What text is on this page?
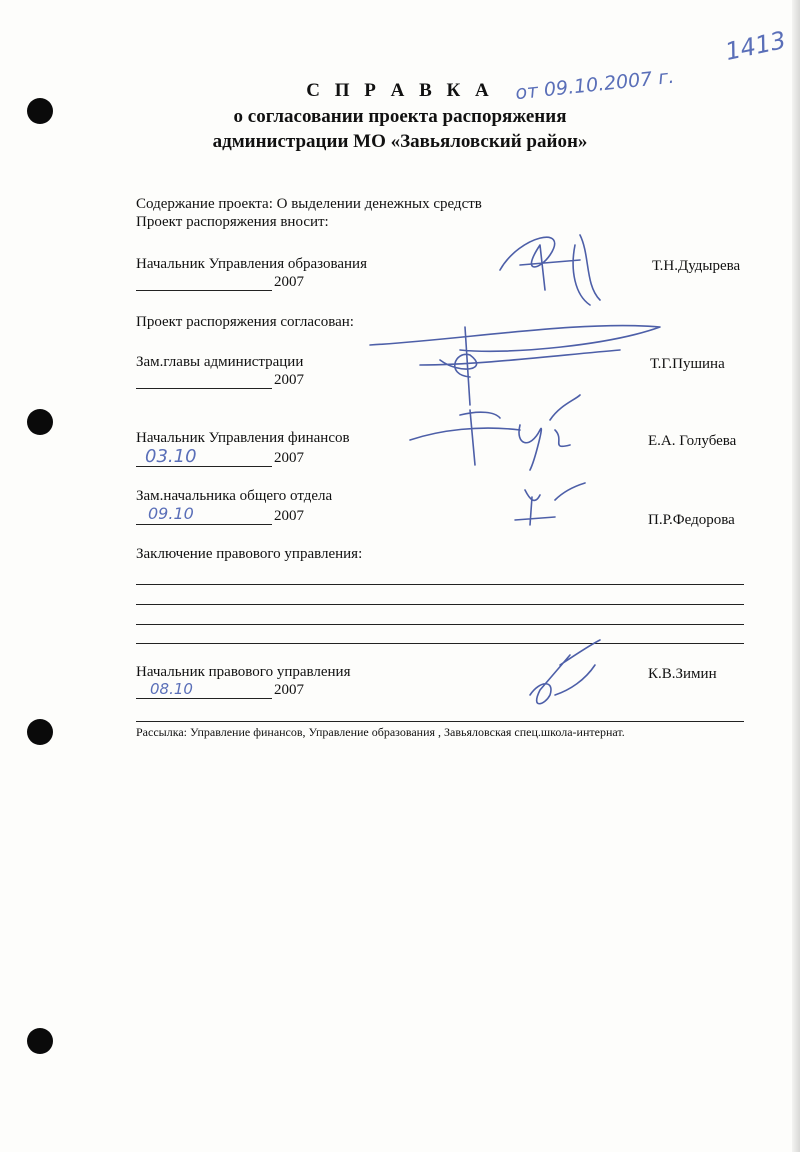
1413
С П Р А В К А	от 09.10.2007 г.
о согласовании проекта распоряжения
администрации МО «Завьяловский район»
Содержание проекта: О выделении денежных средств
Проект распоряжения вносит:
Начальник Управления образования	Т.Н.Дудырева
2007
Проект распоряжения согласован:
Зам.главы администрации	Т.Г.Пушина
2007
Начальник Управления финансов	Е.А. Голубева
03.10	2007
Зам.начальника общего отдела
П.Р.Федорова
09.10	2007
Заключение правового управления:
Начальник правового управления	К.В.Зимин
08.10	2007
Рассылка: Управление финансов, Управление образования , Завьяловская спец.школа-интернат.
